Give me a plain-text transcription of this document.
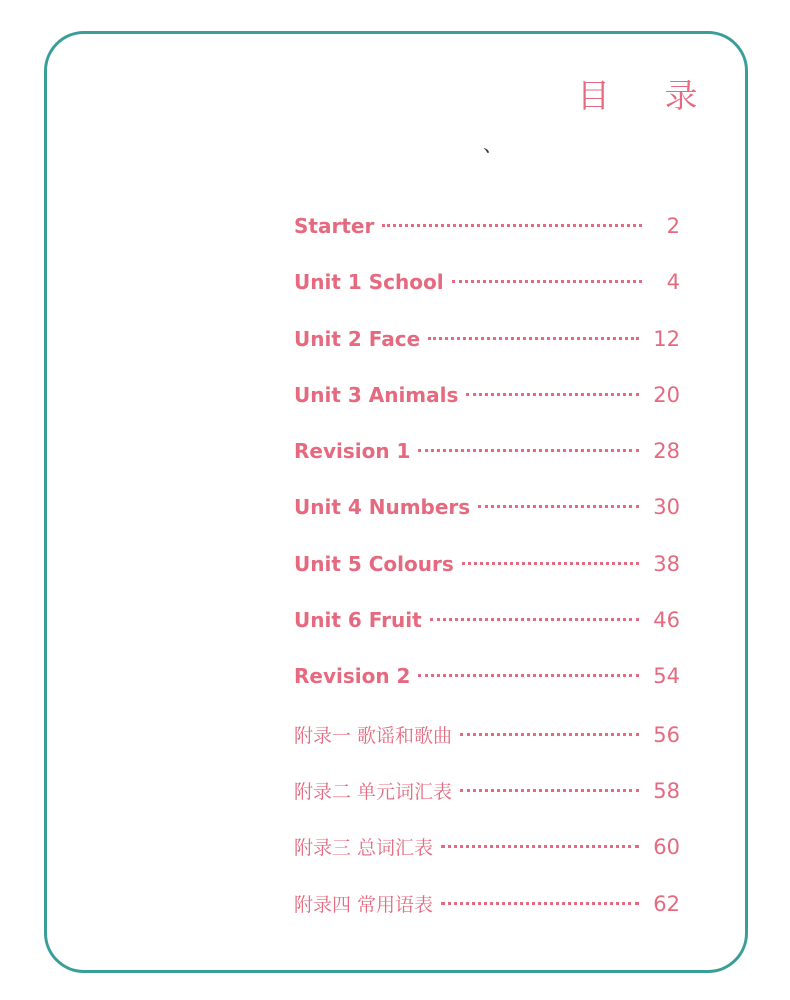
目 录
、
Starter	2
Unit 1 School	4
Unit 2 Face	12
Unit 3 Animals	20
Revision 1	28
Unit 4 Numbers	30
Unit 5 Colours	38
Unit 6 Fruit	46
Revision 2	54
附录一 歌谣和歌曲	56
附录二 单元词汇表	58
附录三 总词汇表	60
附录四 常用语表	62
